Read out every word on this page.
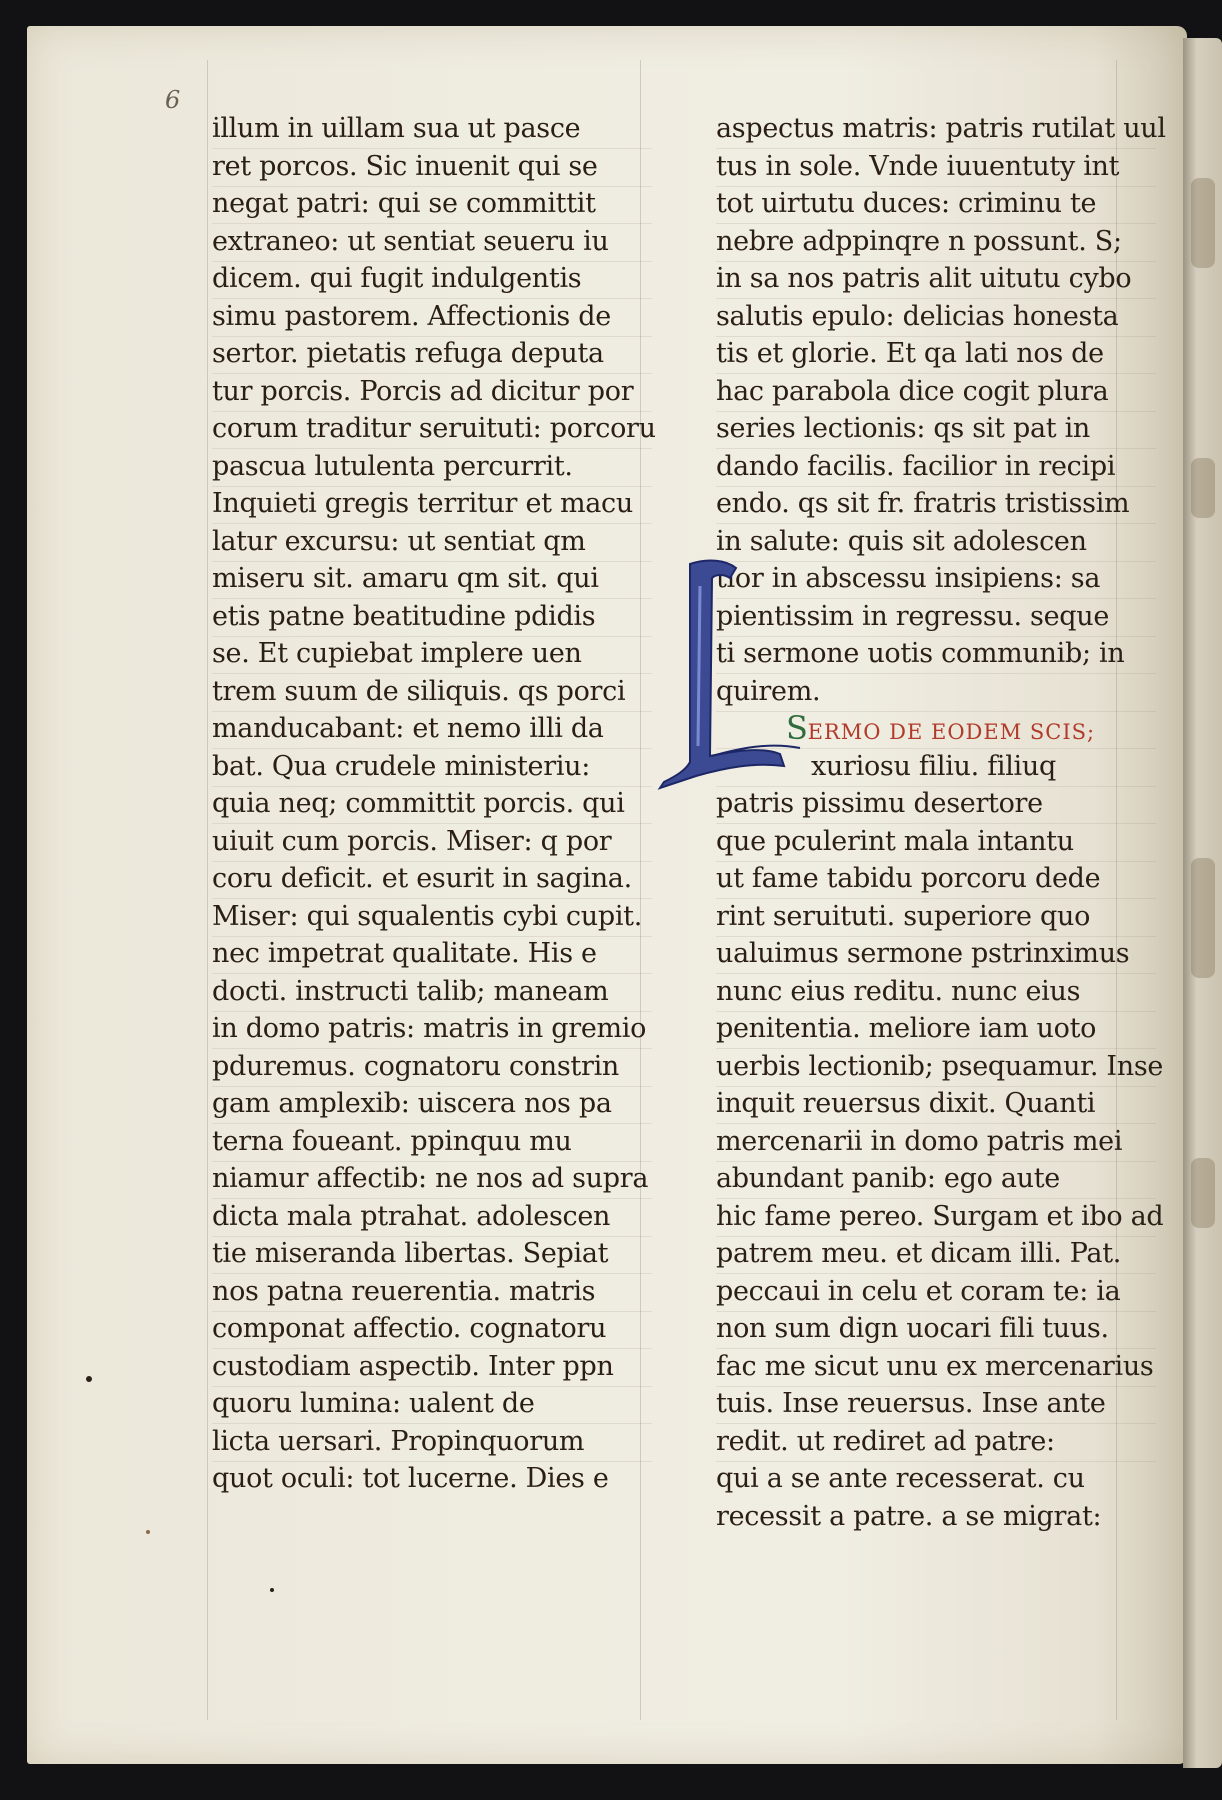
6
illum in uillam sua ut pasce
ret porcos. Sic inuenit qui se
negat patri: qui se committit
extraneo: ut sentiat seueru iu
dicem. qui fugit indulgentis
simu pastorem. Affectionis de
sertor. pietatis refuga deputa
tur porcis. Porcis ad dicitur por
corum traditur seruituti: porcoru
pascua lutulenta percurrit.
Inquieti gregis territur et macu
latur excursu: ut sentiat qm
miseru sit. amaru qm sit. qui
etis patne beatitudine pdidis
se. Et cupiebat implere uen
trem suum de siliquis. qs porci
manducabant: et nemo illi da
bat. Qua crudele ministeriu:
quia neq; committit porcis. qui
uiuit cum porcis. Miser: q por
coru deficit. et esurit in sagina.
Miser: qui squalentis cybi cupit.
nec impetrat qualitate. His e
docti. instructi talib; maneam
in domo patris: matris in gremio
pduremus. cognatoru constrin
gam amplexib: uiscera nos pa
terna foueant. ppinquu mu
niamur affectib: ne nos ad supra
dicta mala ptrahat. adolescen
tie miseranda libertas. Sepiat
nos patna reuerentia. matris
componat affectio. cognatoru
custodiam aspectib. Inter ppn
quoru lumina: ualent de
licta uersari. Propinquorum
quot oculi: tot lucerne. Dies e
aspectus matris: patris rutilat uul
tus in sole. Vnde iuuentuty int
tot uirtutu duces: criminu te
nebre adppinqre n possunt. S;
in sa nos patris alit uitutu cybo
salutis epulo: delicias honesta
tis et glorie. Et qa lati nos de
hac parabola dice cogit plura
series lectionis: qs sit pat in
dando facilis. facilior in recipi
endo. qs sit fr. fratris tristissim
in salute: quis sit adolescen
tior in abscessu insipiens: sa
pientissim in regressu. seque
ti sermone uotis communib; in
quirem.
SERMO DE EODEM SCIS;
xuriosu filiu. filiuq
patris pissimu desertore
que pculerint mala intantu
ut fame tabidu porcoru dede
rint seruituti. superiore quo
ualuimus sermone pstrinximus
nunc eius reditu. nunc eius
penitentia. meliore iam uoto
uerbis lectionib; psequamur. Inse
inquit reuersus dixit. Quanti
mercenarii in domo patris mei
abundant panib: ego aute
hic fame pereo. Surgam et ibo ad
patrem meu. et dicam illi. Pat.
peccaui in celu et coram te: ia
non sum dign uocari fili tuus.
fac me sicut unu ex mercenarius
tuis. Inse reuersus. Inse ante
redit. ut rediret ad patre:
qui a se ante recesserat. cu
recessit a patre. a se migrat:
